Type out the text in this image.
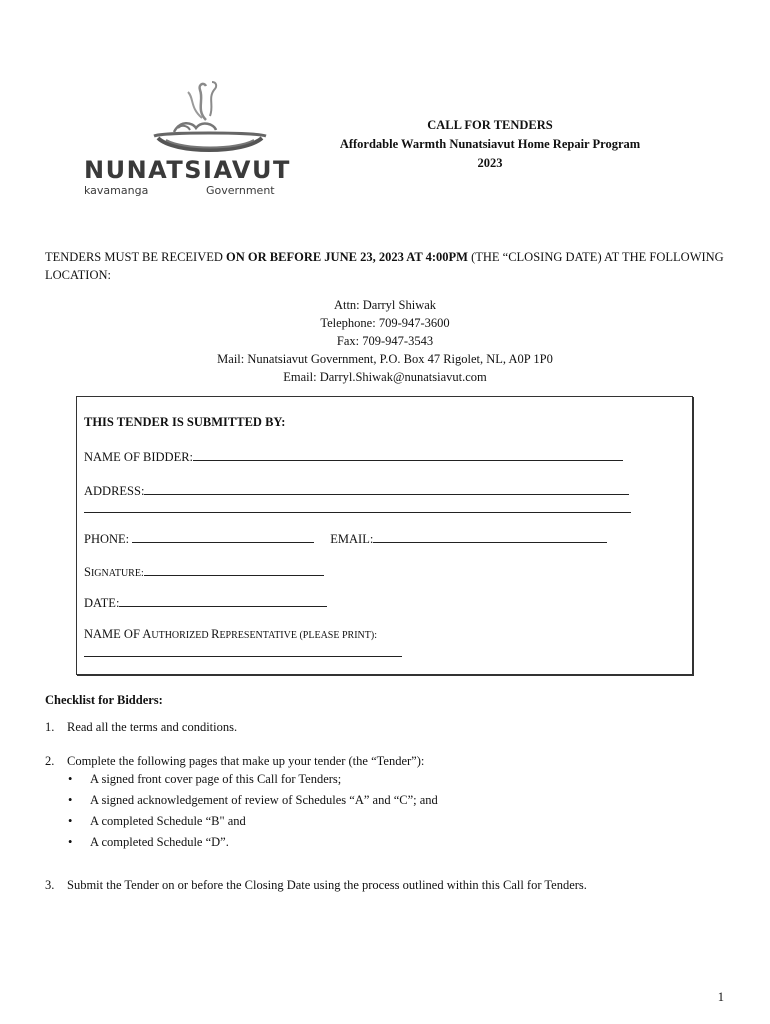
NUNATSIAVUT
kavamanga	Government
CALL FOR TENDERS
Affordable Warmth Nunatsiavut Home Repair Program
2023
TENDERS MUST BE RECEIVED ON OR BEFORE JUNE 23, 2023 AT 4:00PM (THE “CLOSING DATE) AT THE FOLLOWING LOCATION:
Attn: Darryl Shiwak
Telephone: 709-947-3600
Fax: 709-947-3543
Mail: Nunatsiavut Government, P.O. Box 47 Rigolet, NL, A0P 1P0
Email: Darryl.Shiwak@nunatsiavut.com
THIS TENDER IS SUBMITTED BY:
NAME OF BIDDER:
ADDRESS:
PHONE:	EMAIL:
SIGNATURE:
DATE:
NAME OF AUTHORIZED REPRESENTATIVE (PLEASE PRINT):
Checklist for Bidders:
1. Read all the terms and conditions.
2. Complete the following pages that make up your tender (the “Tender”):
• A signed front cover page of this Call for Tenders;
• A signed acknowledgement of review of Schedules “A” and “C”; and
• A completed Schedule “B" and
• A completed Schedule “D”.
3. Submit the Tender on or before the Closing Date using the process outlined within this Call for Tenders.
1
